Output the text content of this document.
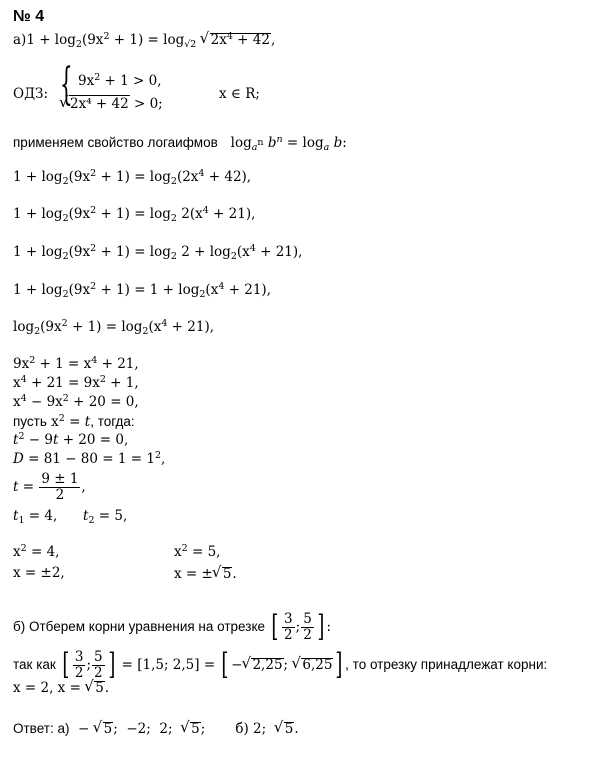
№ 4
$а)1 + \log_2(9x^2 + 1) = \log_{√2}$ √ $2x^4 + 42$,
ОДЗ: { $9x^2 + 1 > 0$,
√ 2x⁴ + 42 > 0;
x ∈ R;
применяем свойство логаифмов   $\log_{a^n} b^n = \log_a b$:
$1 + \log_2(9x^2 + 1) = \log_2(2x^4 + 42)$,
$1 + \log_2(9x^2 + 1) = \log_2 2(x^4 + 21)$,
$1 + \log_2(9x^2 + 1) = \log_2 2 + \log_2(x^4 + 21)$,
$1 + \log_2(9x^2 + 1) = 1 + \log_2(x^4 + 21)$,
$\log_2(9x^2 + 1) = \log_2(x^4 + 21)$,
$9x^2 + 1 = x^4 + 21$,
$x^4 + 21 = 9x^2 + 1$,
$x^4 - 9x^2 + 20 = 0$,
пусть $x^2 = t$, тогда:
$t^2 - 9t + 20 = 0$,
$D = 81 - 80 = 1 = 1^2$,
$t = \frac{9 \pm 1}{2}$ ,
$t_1 = 4$,      $t_2 = 5$,
$x^2 = 4$,	$x^2 = 5$,
x = ±2,	x = ± √ 5.
б) Отберем корни уравнения на отрезке [ $\frac{3}{2}$ ; $\frac{5}{2}$ ] :
так как [ $\frac{3}{2}$ ; $\frac{5}{2}$ ] = [1,5; 2,5] = [ − √ 2,25 ; √ 6,25 ] , то отрезку принадлежат корни:
x = 2, x = √ 5.
Ответ: а)  − √ 5;  −2;  2;  √ 5;       б) 2; √ 5.
